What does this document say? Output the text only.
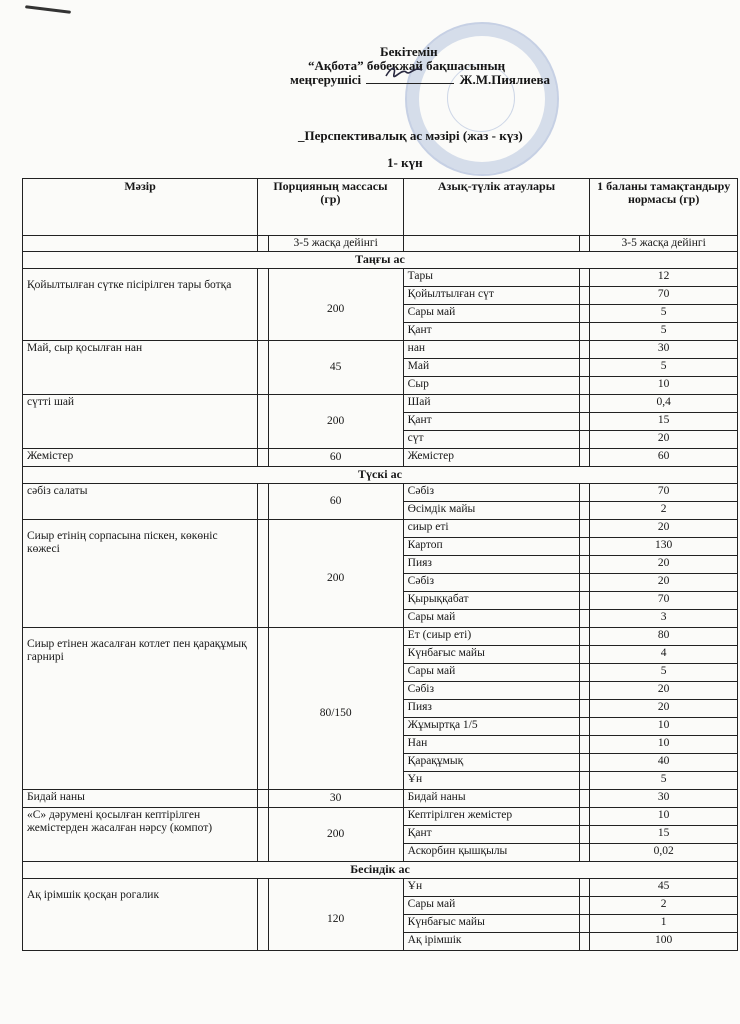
Бекітемін
“Ақбота” бөбекжай бақшасының
меңгерушісі	Ж.М.Пиялиева
_Перспективалық ас мәзірі (жаз - күз)
1- күн
Мәзір	Порцияның массасы (гр)		Азық-түлік атаулары		1 баланы тамақтандыру нормасы (гр)
		3-5 жасқа дейінгі			3-5 жасқа дейінгі
Таңғы ас					
Қойылтылған сүтке пісірілген тары ботқа		200	Тары		12
			Қойылтылған сүт		70
			Сары май		5
			Қант		5
Май, сыр қосылған нан		45	нан		30
			Май		5
			Сыр		10
сүтті шай		200	Шай		0,4
			Қант		15
			сүт		20
Жемістер		60	Жемістер		60
Түскі ас					
сәбіз салаты		60	Сәбіз		70
			Өсімдік майы		2
Сиыр етінің сорпасына піскен, көкөніс көжесі		200	сиыр еті		20
			Картоп		130
			Пияз		20
			Сәбіз		20
			Қырыққабат		70
			Сары май		3
Сиыр етінен жасалған котлет пен қарақұмық гарнирі		80/150	Ет (сиыр еті)		80
			Күнбағыс майы		4
			Сары май		5
			Сәбіз		20
			Пияз		20
			Жұмыртқа 1/5		10
			Нан		10
			Қарақұмық		40
			Ұн		5
Бидай наны		30	Бидай наны		30
«С» дәрумені қосылған кептірілген жемістерден жасалған нәрсу (компот)		200	Кептірілген жемістер		10
			Қант		15
			Аскорбин қышқылы		0,02
Бесіндік ас					
Ақ ірімшік қосқан рогалик		120	Ұн		45
			Сары май		2
			Күнбағыс майы		1
			Ақ ірімшік		100
